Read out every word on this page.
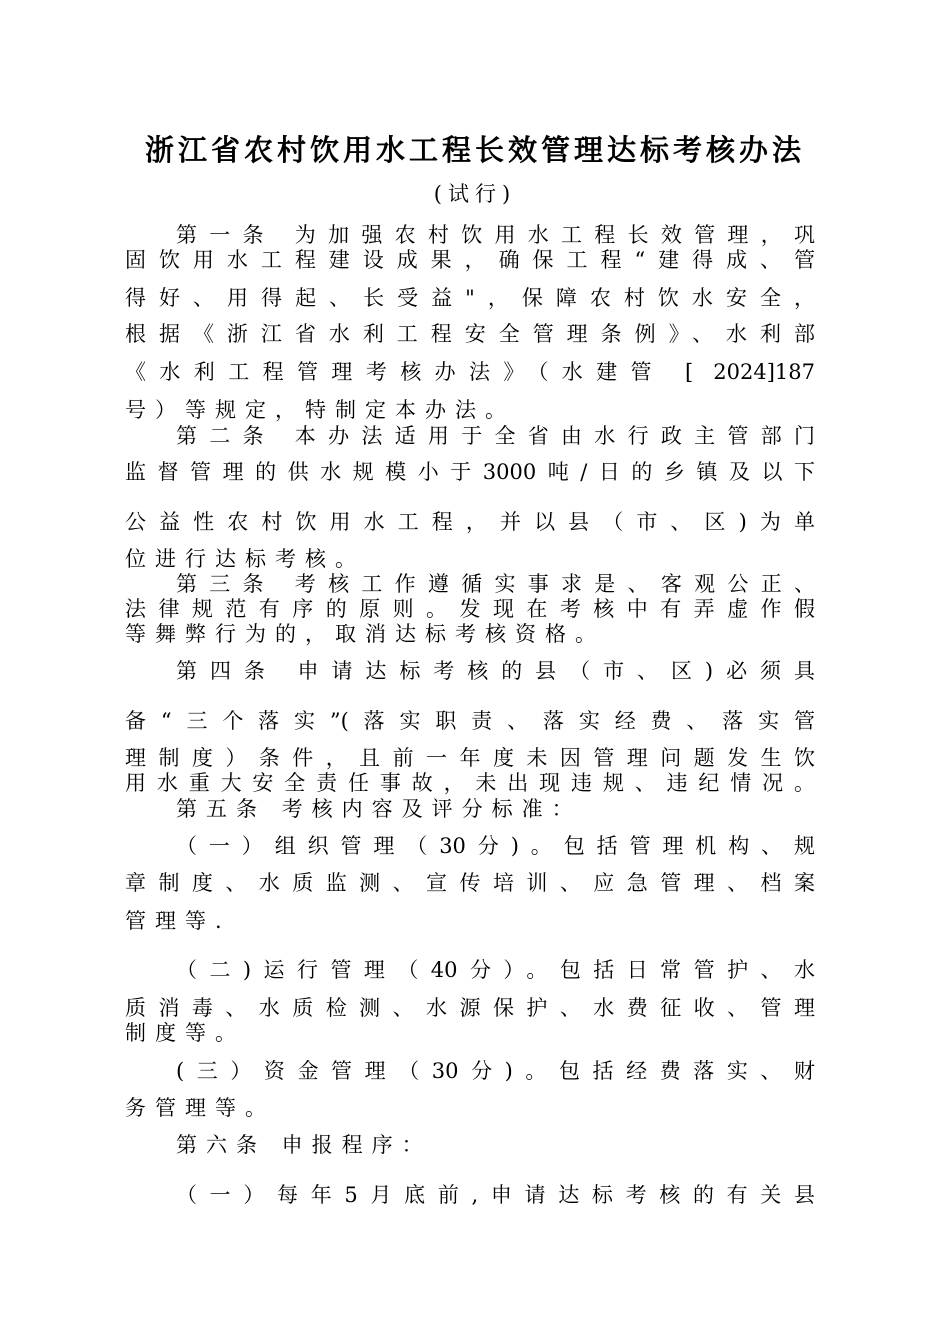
浙江省农村饮用水工程长效管理达标考核办法
(试行)
第一条 为加强农村饮用水工程长效管理，巩
固饮用水工程建设成果，确保工程“建得成、管
得好、用得起、长受益"，保障农村饮水安全，
根据《浙江省水利工程安全管理条例》、水利部
《水利工程管理考核办法》（水建管 [ 2024]187
号）等规定，特制定本办法。
第二条 本办法适用于全省由水行政主管部门
监督管理的供水规模小于3000吨/日的乡镇及以下
公益性农村饮用水工程，并以县（市、区)为单
位进行达标考核。
第三条 考核工作遵循实事求是、客观公正、
法律规范有序的原则。发现在考核中有弄虚作假
等舞弊行为的，取消达标考核资格。
第四条 申请达标考核的县（市、区)必须具
备“三个落实”(落实职责、落实经费、落实管
理制度）条件，且前一年度未因管理问题发生饮
用水重大安全责任事故，未出现违规、违纪情况。
第五条 考核内容及评分标准：
（一）组织管理（30分)。包括管理机构、规
章制度、水质监测、宣传培训、应急管理、档案
管理等.
（二)运行管理（40分）。包括日常管护、水
质消毒、水质检测、水源保护、水费征收、管理
制度等。
(三）资金管理（30分)。包括经费落实、财
务管理等。
第六条 申报程序：
（一）每年5月底前,申请达标考核的有关县
